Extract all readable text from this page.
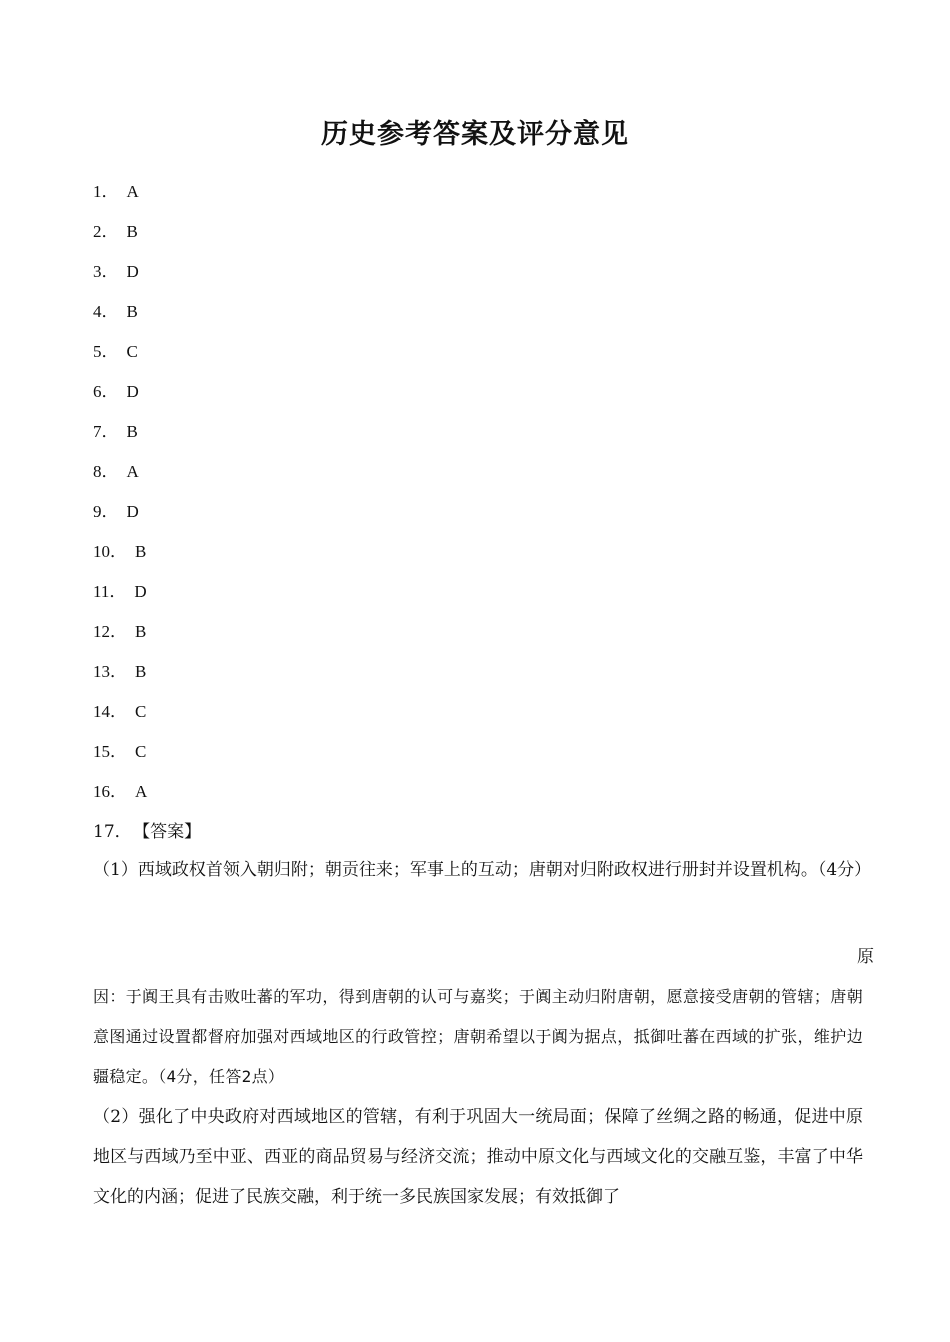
历史参考答案及评分意见
1． A
2． B
3． D
4． B
5． C
6． D
7． B
8． A
9． D
10． B
11． D
12． B
13． B
14． C
15． C
16． A
17． 【答案】
（1）西域政权首领入朝归附；朝贡往来；军事上的互动；唐朝对归附政权进行册封并设置机构。（4分）
原
因：于阗王具有击败吐蕃的军功，得到唐朝的认可与嘉奖；于阗主动归附唐朝，愿意接受唐朝的管辖；唐朝意图通过设置都督府加强对西域地区的行政管控；唐朝希望以于阗为据点，抵御吐蕃在西域的扩张，维护边疆稳定。（4分，任答2点）
（2）强化了中央政府对西域地区的管辖，有利于巩固大一统局面；保障了丝绸之路的畅通，促进中原地区与西域乃至中亚、西亚的商品贸易与经济交流；推动中原文化与西域文化的交融互鉴，丰富了中华文化的内涵；促进了民族交融，利于统一多民族国家发展；有效抵御了
